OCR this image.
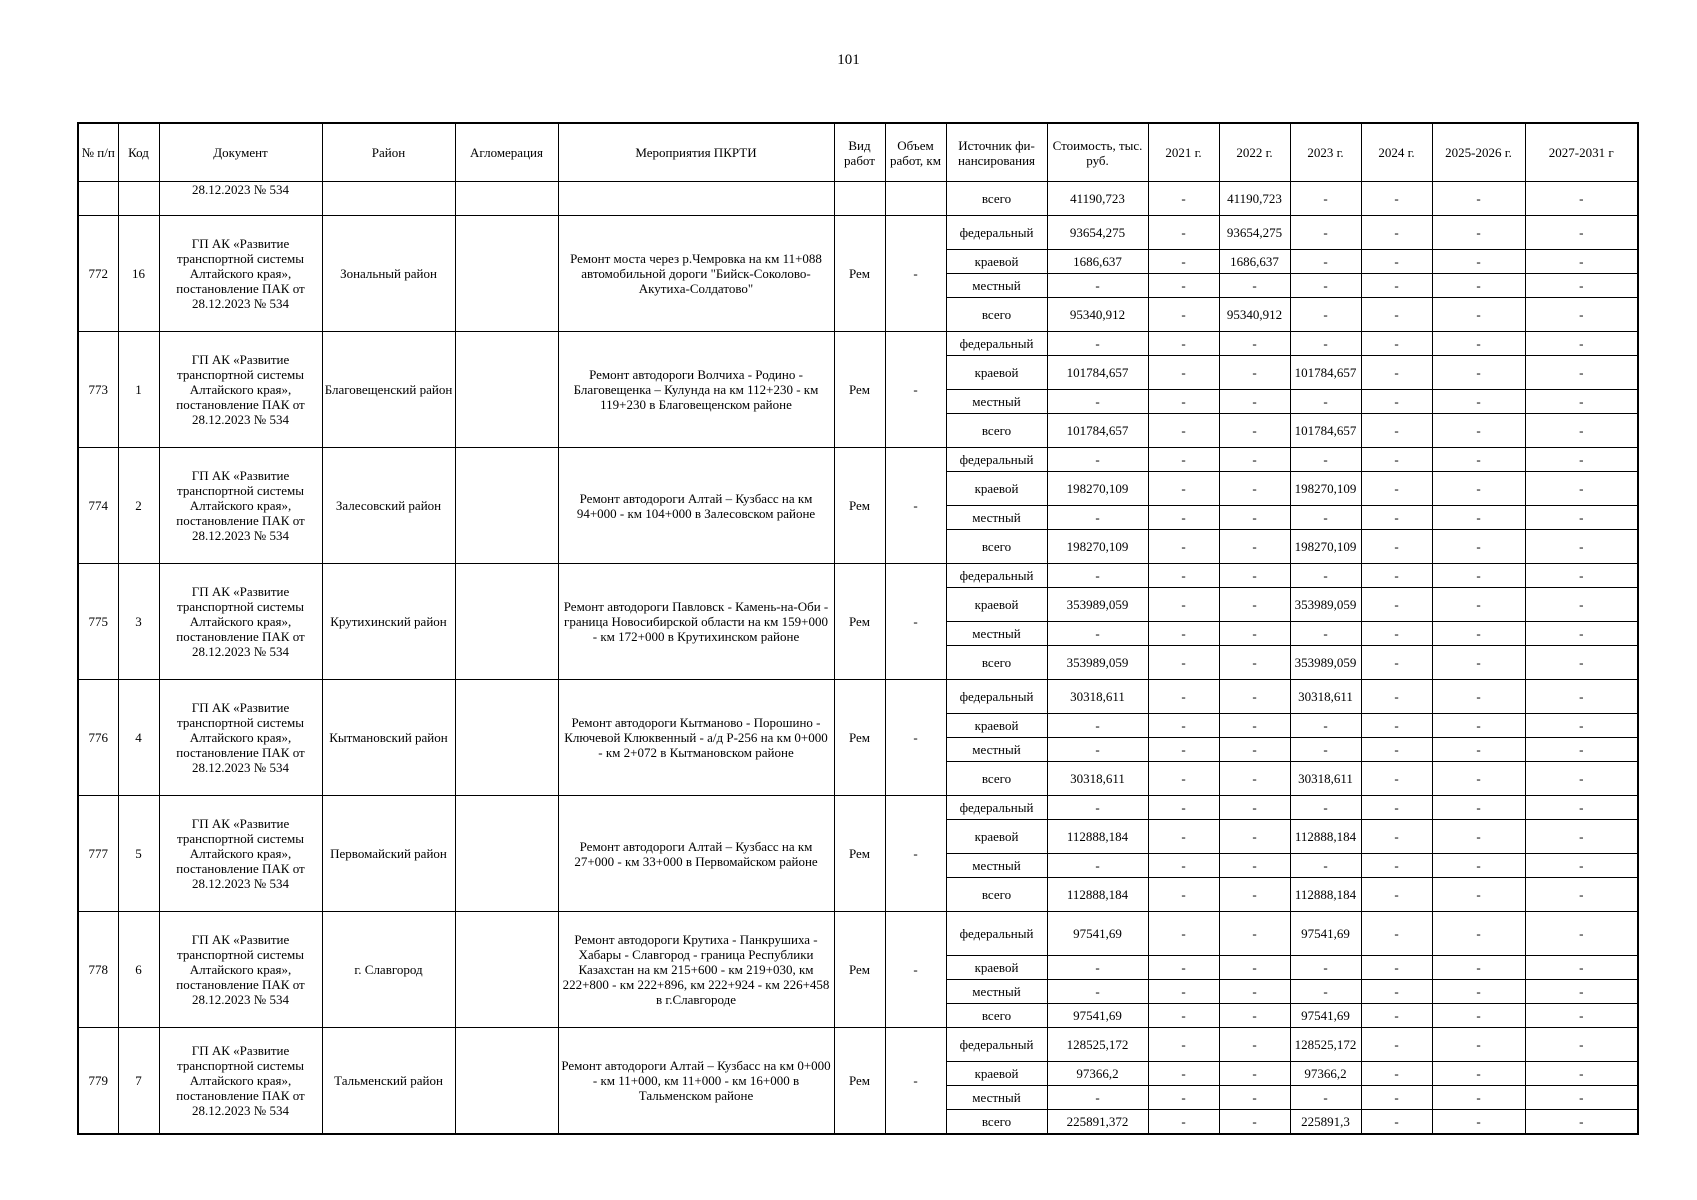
101
№ п/п	Код	Документ	Район	Агломерация	Мероприятия ПКРТИ	Вид работ	Объем работ, км	Источник фи-нансирования	Стоимость, тыс. руб.	2021 г.	2022 г.	2023 г.	2024 г.	2025-2026 г.	2027-2031 г
		28.12.2023 № 534						всего	41190,723	-	41190,723	-	-	-	-
772	16	ГП АК «Развитие транспортной системы Алтайского края», постановление ПАК от 28.12.2023 № 534	Зональный район		Ремонт моста через р.Чемровка на км 11+088 автомобильной дороги "Бийск-Соколово-Акутиха-Солдатово"	Рем	-	федеральный	93654,275	-	93654,275	-	-	-	-
								краевой	1686,637	-	1686,637	-	-	-	-
								местный	-	-	-	-	-	-	-
								всего	95340,912	-	95340,912	-	-	-	-
773	1	ГП АК «Развитие транспортной системы Алтайского края», постановление ПАК от 28.12.2023 № 534	Благовещенский район		Ремонт автодороги Волчиха - Родино - Благовещенка – Кулунда на км 112+230 - км 119+230 в Благовещенском районе	Рем	-	федеральный	-	-	-	-	-	-	-
								краевой	101784,657	-	-	101784,657	-	-	-
								местный	-	-	-	-	-	-	-
								всего	101784,657	-	-	101784,657	-	-	-
774	2	ГП АК «Развитие транспортной системы Алтайского края», постановление ПАК от 28.12.2023 № 534	Залесовский район		Ремонт автодороги Алтай – Кузбасс на км 94+000 - км 104+000 в Залесовском районе	Рем	-	федеральный	-	-	-	-	-	-	-
								краевой	198270,109	-	-	198270,109	-	-	-
								местный	-	-	-	-	-	-	-
								всего	198270,109	-	-	198270,109	-	-	-
775	3	ГП АК «Развитие транспортной системы Алтайского края», постановление ПАК от 28.12.2023 № 534	Крутихинский район		Ремонт автодороги Павловск - Камень-на-Оби - граница Новосибирской области на км 159+000 - км 172+000 в Крутихинском районе	Рем	-	федеральный	-	-	-	-	-	-	-
								краевой	353989,059	-	-	353989,059	-	-	-
								местный	-	-	-	-	-	-	-
								всего	353989,059	-	-	353989,059	-	-	-
776	4	ГП АК «Развитие транспортной системы Алтайского края», постановление ПАК от 28.12.2023 № 534	Кытмановский район		Ремонт автодороги Кытманово - Порошино - Ключевой Клюквенный - а/д Р-256 на км 0+000 - км 2+072 в Кытмановском районе	Рем	-	федеральный	30318,611	-	-	30318,611	-	-	-
								краевой	-	-	-	-	-	-	-
								местный	-	-	-	-	-	-	-
								всего	30318,611	-	-	30318,611	-	-	-
777	5	ГП АК «Развитие транспортной системы Алтайского края», постановление ПАК от 28.12.2023 № 534	Первомайский район		Ремонт автодороги Алтай – Кузбасс на км 27+000 - км 33+000 в Первомайском районе	Рем	-	федеральный	-	-	-	-	-	-	-
								краевой	112888,184	-	-	112888,184	-	-	-
								местный	-	-	-	-	-	-	-
								всего	112888,184	-	-	112888,184	-	-	-
778	6	ГП АК «Развитие транспортной системы Алтайского края», постановление ПАК от 28.12.2023 № 534	г. Славгород		Ремонт автодороги Крутиха - Панкрушиха - Хабары - Славгород - граница Республики Казахстан на км 215+600 - км 219+030, км 222+800 - км 222+896, км 222+924 - км 226+458 в г.Славгороде	Рем	-	федеральный	97541,69	-	-	97541,69	-	-	-
								краевой	-	-	-	-	-	-	-
								местный	-	-	-	-	-	-	-
								всего	97541,69	-	-	97541,69	-	-	-
779	7	ГП АК «Развитие транспортной системы Алтайского края», постановление ПАК от 28.12.2023 № 534	Тальменский район		Ремонт автодороги Алтай – Кузбасс на км 0+000 - км 11+000, км 11+000 - км 16+000 в Тальменском районе	Рем	-	федеральный	128525,172	-	-	128525,172	-	-	-
								краевой	97366,2	-	-	97366,2	-	-	-
								местный	-	-	-	-	-	-	-
								всего	225891,372	-	-	225891,3	-	-	-
